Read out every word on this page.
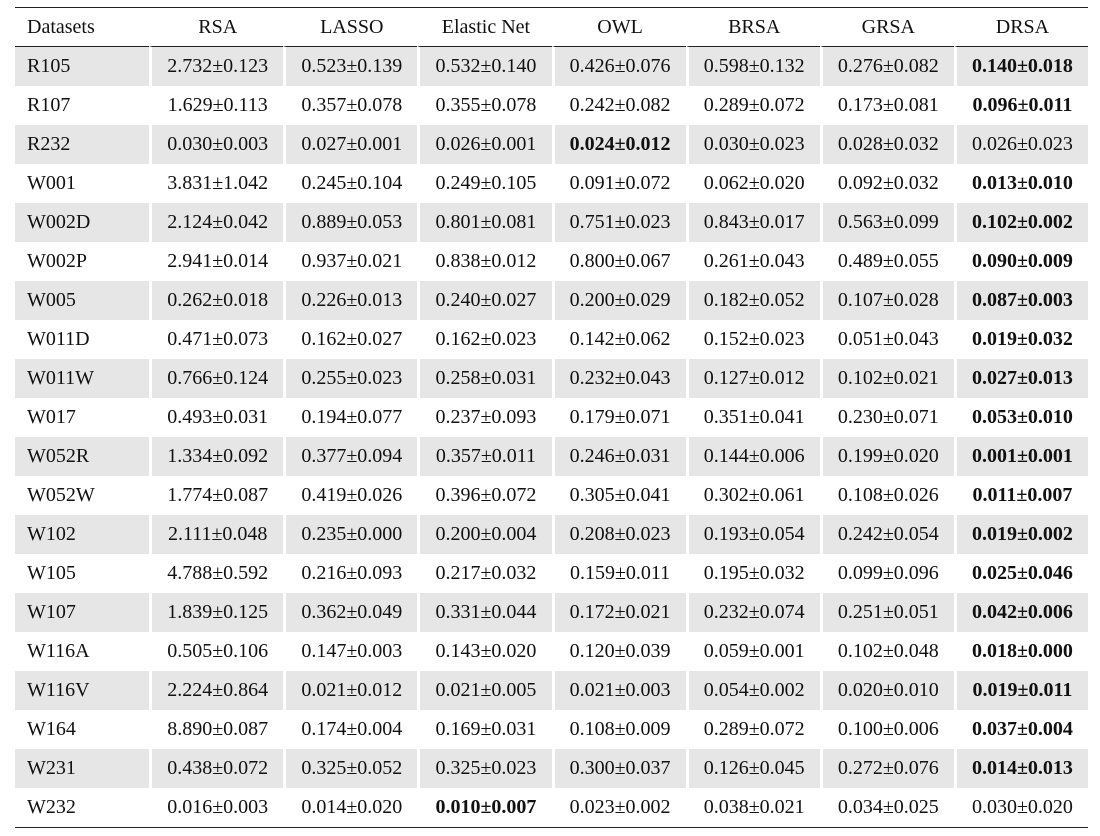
Datasets	RSA	LASSO	Elastic Net	OWL	BRSA	GRSA	DRSA
R105	2.732±0.123	0.523±0.139	0.532±0.140	0.426±0.076	0.598±0.132	0.276±0.082	0.140±0.018
R107	1.629±0.113	0.357±0.078	0.355±0.078	0.242±0.082	0.289±0.072	0.173±0.081	0.096±0.011
R232	0.030±0.003	0.027±0.001	0.026±0.001	0.024±0.012	0.030±0.023	0.028±0.032	0.026±0.023
W001	3.831±1.042	0.245±0.104	0.249±0.105	0.091±0.072	0.062±0.020	0.092±0.032	0.013±0.010
W002D	2.124±0.042	0.889±0.053	0.801±0.081	0.751±0.023	0.843±0.017	0.563±0.099	0.102±0.002
W002P	2.941±0.014	0.937±0.021	0.838±0.012	0.800±0.067	0.261±0.043	0.489±0.055	0.090±0.009
W005	0.262±0.018	0.226±0.013	0.240±0.027	0.200±0.029	0.182±0.052	0.107±0.028	0.087±0.003
W011D	0.471±0.073	0.162±0.027	0.162±0.023	0.142±0.062	0.152±0.023	0.051±0.043	0.019±0.032
W011W	0.766±0.124	0.255±0.023	0.258±0.031	0.232±0.043	0.127±0.012	0.102±0.021	0.027±0.013
W017	0.493±0.031	0.194±0.077	0.237±0.093	0.179±0.071	0.351±0.041	0.230±0.071	0.053±0.010
W052R	1.334±0.092	0.377±0.094	0.357±0.011	0.246±0.031	0.144±0.006	0.199±0.020	0.001±0.001
W052W	1.774±0.087	0.419±0.026	0.396±0.072	0.305±0.041	0.302±0.061	0.108±0.026	0.011±0.007
W102	2.111±0.048	0.235±0.000	0.200±0.004	0.208±0.023	0.193±0.054	0.242±0.054	0.019±0.002
W105	4.788±0.592	0.216±0.093	0.217±0.032	0.159±0.011	0.195±0.032	0.099±0.096	0.025±0.046
W107	1.839±0.125	0.362±0.049	0.331±0.044	0.172±0.021	0.232±0.074	0.251±0.051	0.042±0.006
W116A	0.505±0.106	0.147±0.003	0.143±0.020	0.120±0.039	0.059±0.001	0.102±0.048	0.018±0.000
W116V	2.224±0.864	0.021±0.012	0.021±0.005	0.021±0.003	0.054±0.002	0.020±0.010	0.019±0.011
W164	8.890±0.087	0.174±0.004	0.169±0.031	0.108±0.009	0.289±0.072	0.100±0.006	0.037±0.004
W231	0.438±0.072	0.325±0.052	0.325±0.023	0.300±0.037	0.126±0.045	0.272±0.076	0.014±0.013
W232	0.016±0.003	0.014±0.020	0.010±0.007	0.023±0.002	0.038±0.021	0.034±0.025	0.030±0.020
